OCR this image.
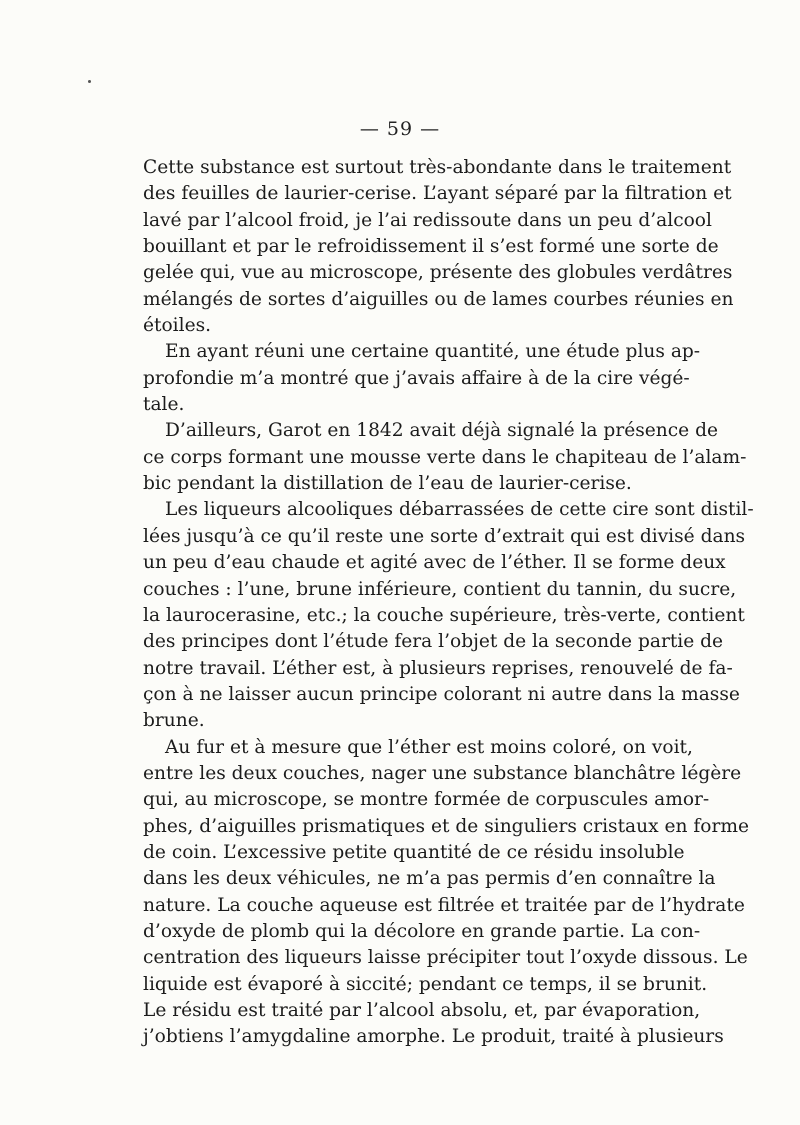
— 59 —
Cette substance est surtout très-abondante dans le traitement
des feuilles de laurier-cerise. L’ayant séparé par la filtration et
lavé par l’alcool froid, je l’ai redissoute dans un peu d’alcool
bouillant et par le refroidissement il s’est formé une sorte de
gelée qui, vue au microscope, présente des globules verdâtres
mélangés de sortes d’aiguilles ou de lames courbes réunies en
étoiles.
En ayant réuni une certaine quantité, une étude plus ap-
profondie m’a montré que j’avais affaire à de la cire végé-
tale.
D’ailleurs, Garot en 1842 avait déjà signalé la présence de
ce corps formant une mousse verte dans le chapiteau de l’alam-
bic pendant la distillation de l’eau de laurier-cerise.
Les liqueurs alcooliques débarrassées de cette cire sont distil-
lées jusqu’à ce qu’il reste une sorte d’extrait qui est divisé dans
un peu d’eau chaude et agité avec de l’éther. Il se forme deux
couches : l’une, brune inférieure, contient du tannin, du sucre,
la laurocerasine, etc.; la couche supérieure, très-verte, contient
des principes dont l’étude fera l’objet de la seconde partie de
notre travail. L’éther est, à plusieurs reprises, renouvelé de fa-
çon à ne laisser aucun principe colorant ni autre dans la masse
brune.
Au fur et à mesure que l’éther est moins coloré, on voit,
entre les deux couches, nager une substance blanchâtre légère
qui, au microscope, se montre formée de corpuscules amor-
phes, d’aiguilles prismatiques et de singuliers cristaux en forme
de coin. L’excessive petite quantité de ce résidu insoluble
dans les deux véhicules, ne m’a pas permis d’en connaître la
nature. La couche aqueuse est filtrée et traitée par de l’hydrate
d’oxyde de plomb qui la décolore en grande partie. La con-
centration des liqueurs laisse précipiter tout l’oxyde dissous. Le
liquide est évaporé à siccité; pendant ce temps, il se brunit.
Le résidu est traité par l’alcool absolu, et, par évaporation,
j’obtiens l’amygdaline amorphe. Le produit, traité à plusieurs
